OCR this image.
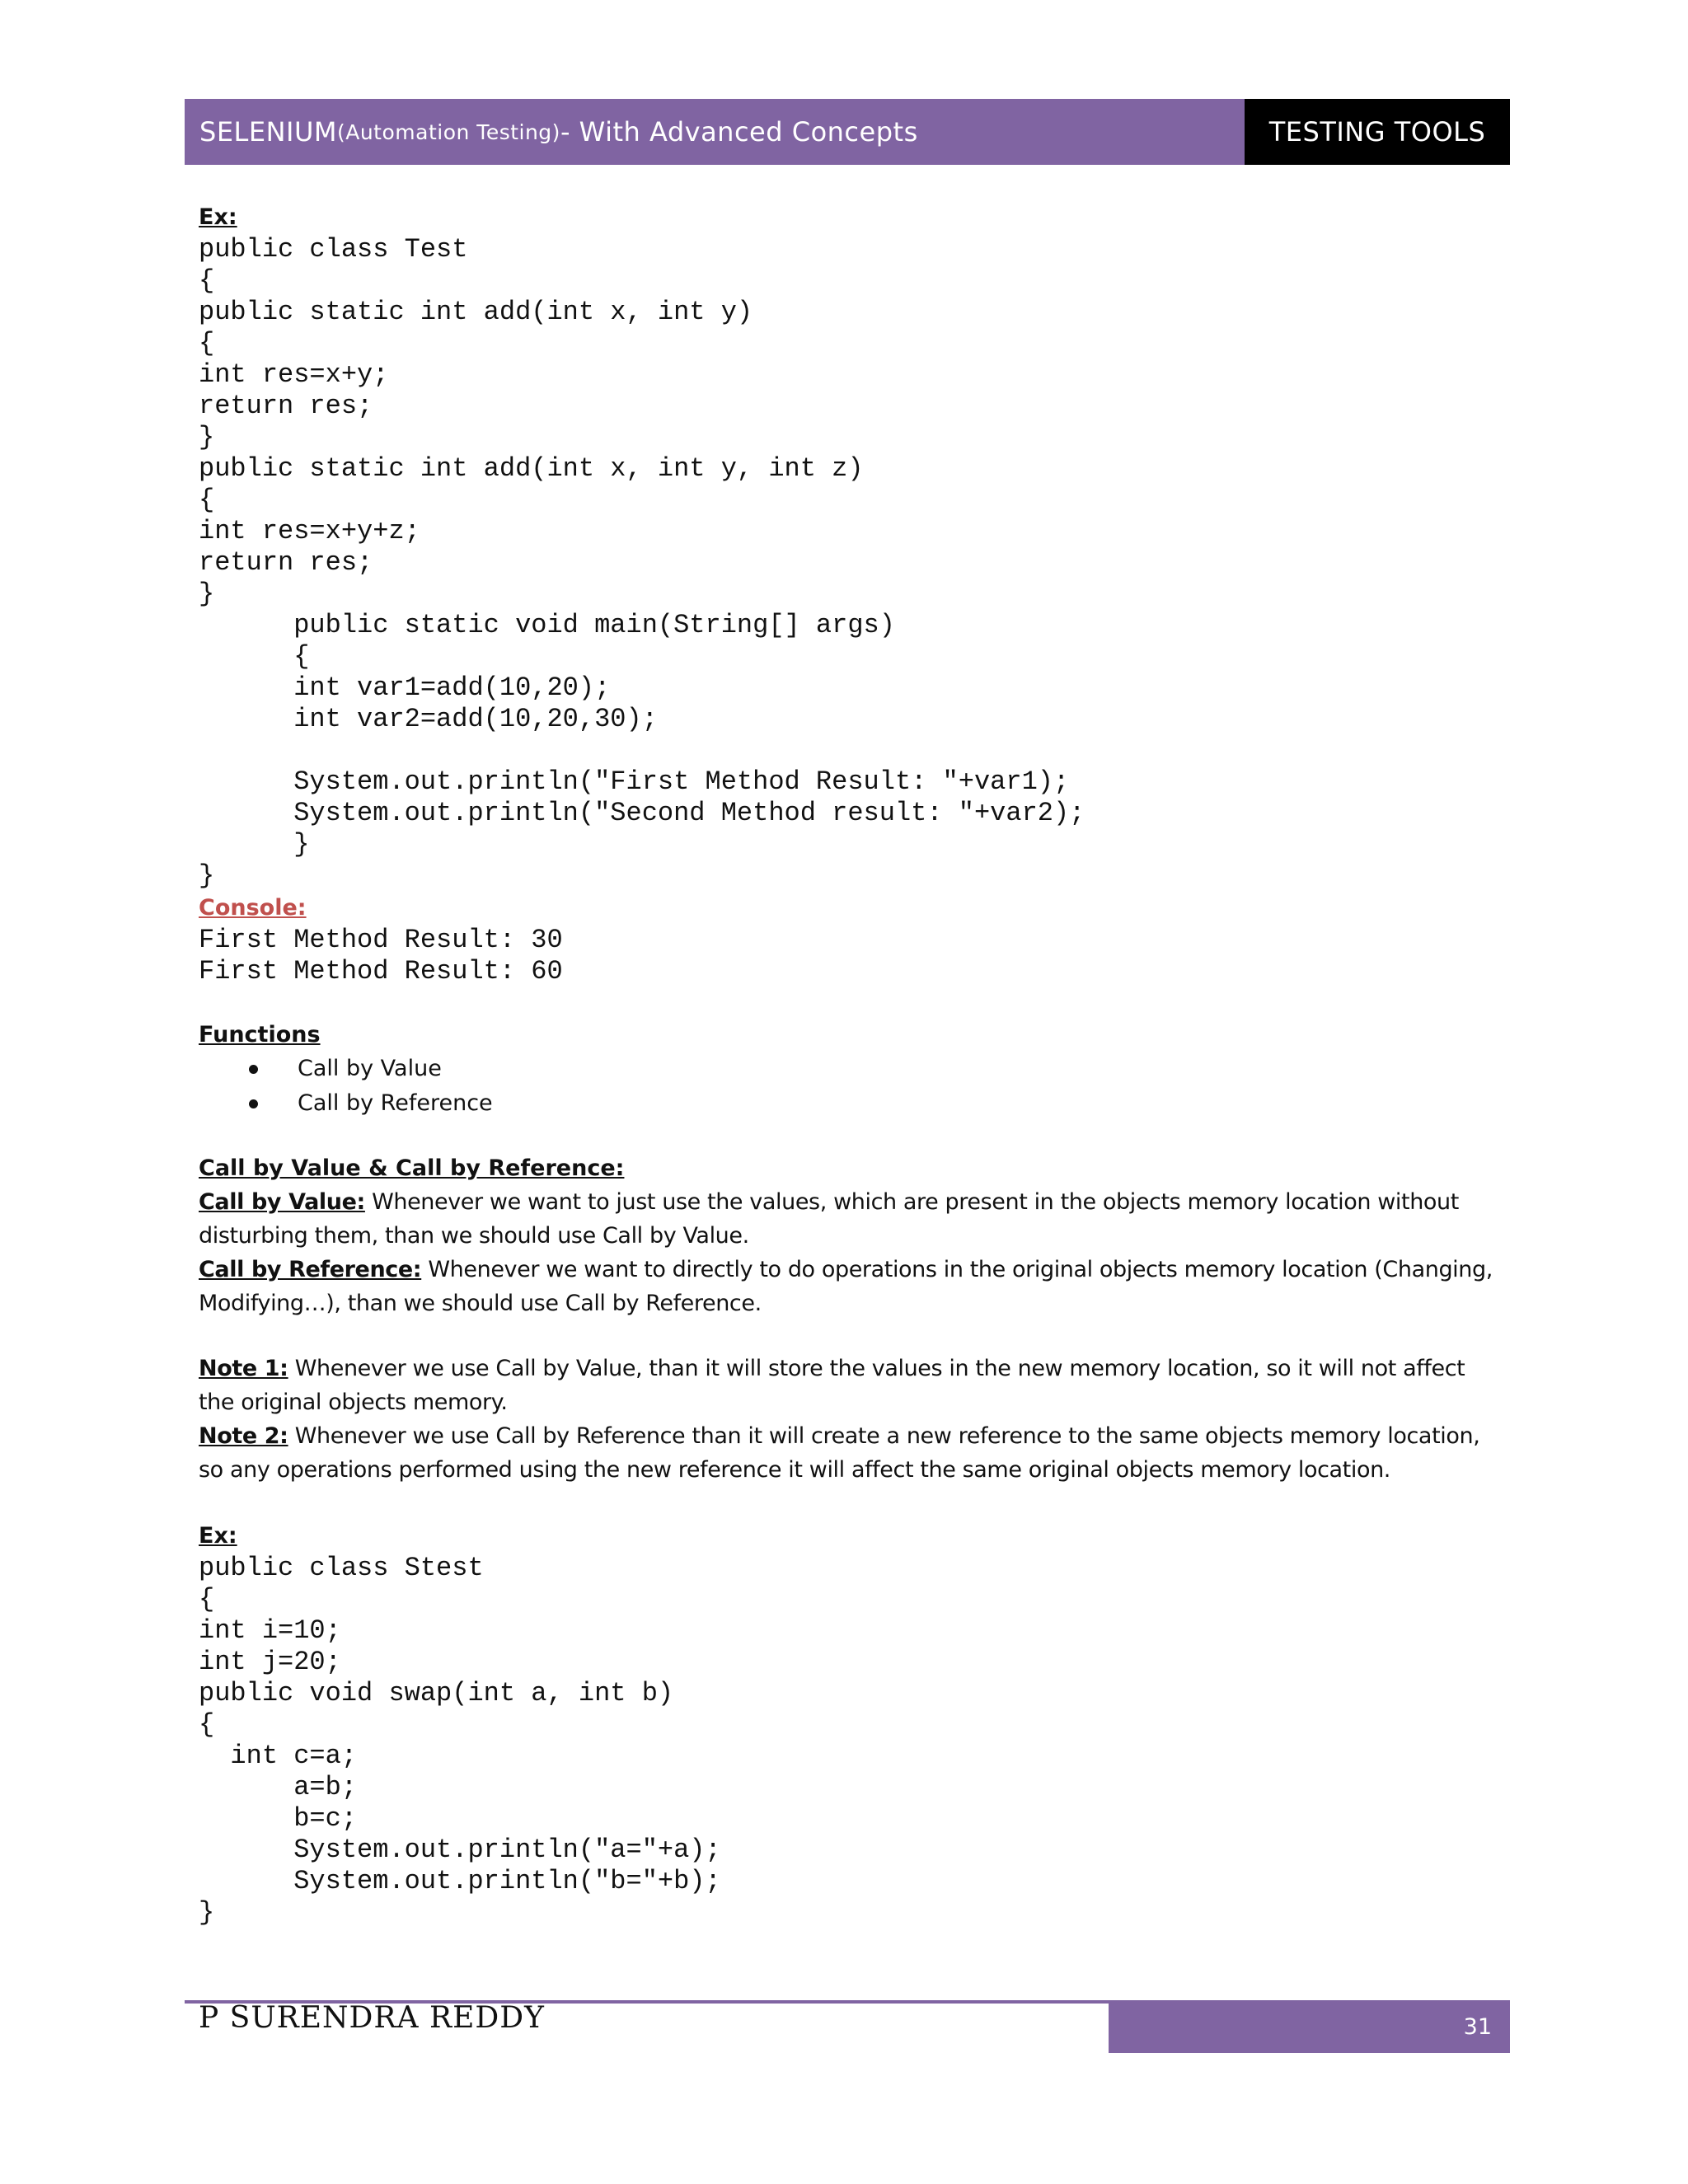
SELENIUM (Automation Testing) - With Advanced Concepts	TESTING TOOLS

Ex:

public class Test
{
public static int add(int x, int y)
{
int res=x+y;
return res;
}
public static int add(int x, int y, int z)
{
int res=x+y+z;
return res;
}
public static void main(String[] args)
{
int var1=add(10,20);
int var2=add(10,20,30);

System.out.println("First Method Result: "+var1);
System.out.println("Second Method result: "+var2);
}
}

Console:

First Method Result: 30
First Method Result: 60

Functions

Call by Value
Call by Reference

Call by Value & Call by Reference:

Call by Value: Whenever we want to just use the values, which are present in the objects memory location without disturbing them, than we should use Call by Value.

Call by Reference: Whenever we want to directly to do operations in the original objects memory location (Changing, Modifying…), than we should use Call by Reference.

Note 1: Whenever we use Call by Value, than it will store the values in the new memory location, so it will not affect the original objects memory.

Note 2: Whenever we use Call by Reference than it will create a new reference to the same objects memory location, so any operations performed using the new reference it will affect the same original objects memory location.

Ex:

public class Stest
{
int i=10;
int j=20;
public void swap(int a, int b)
{
int c=a;
a=b;
b=c;
System.out.println("a="+a);
System.out.println("b="+b);
}
P SURENDRA REDDY	31
